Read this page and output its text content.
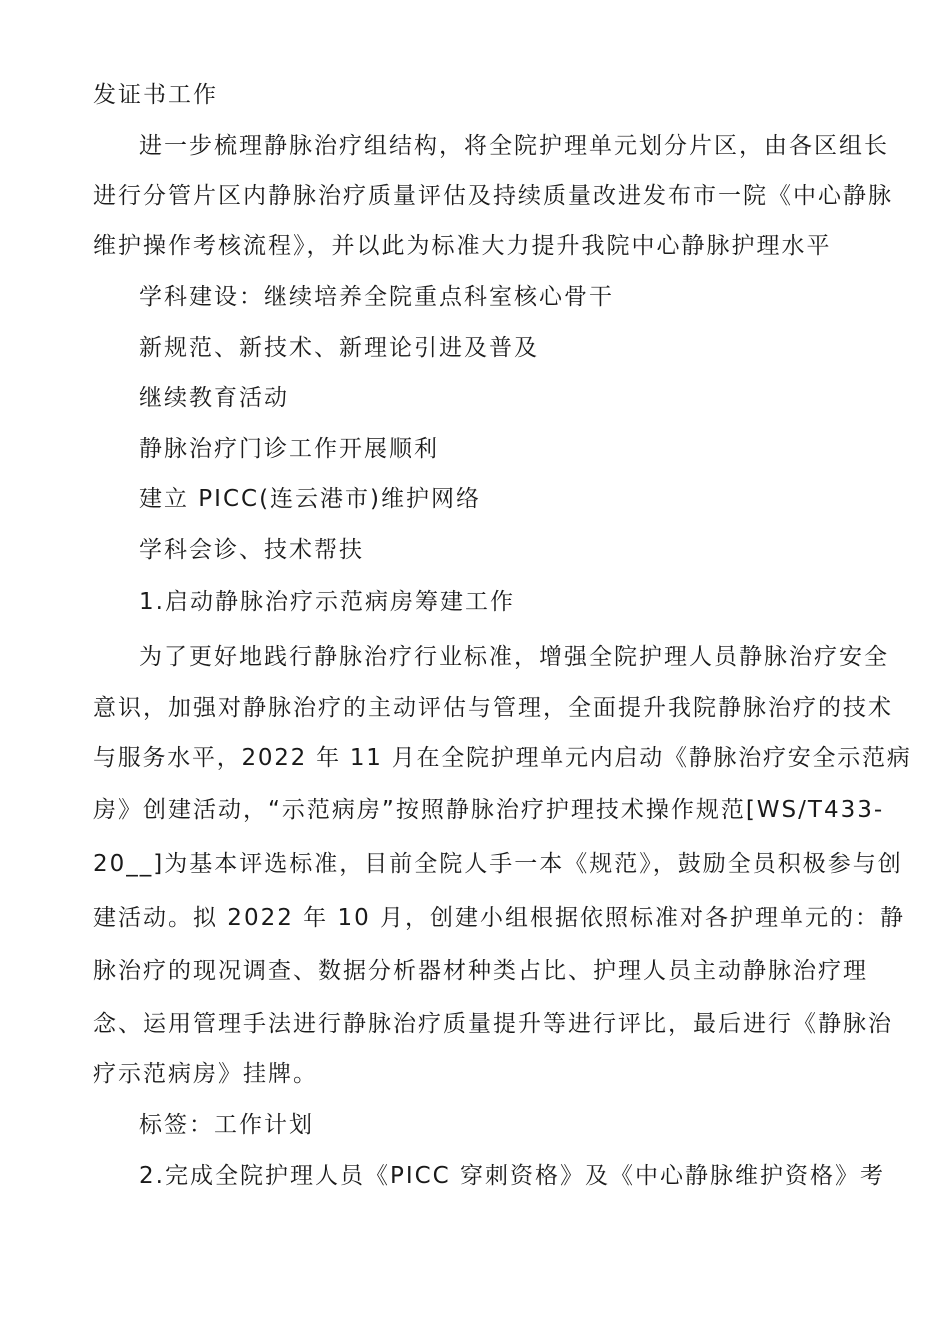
发证书工作
进一步梳理静脉治疗组结构，将全院护理单元划分片区，由各区组长
进行分管片区内静脉治疗质量评估及持续质量改进发布市一院《中心静脉
维护操作考核流程》，并以此为标准大力提升我院中心静脉护理水平
学科建设：继续培养全院重点科室核心骨干
新规范、新技术、新理论引进及普及
继续教育活动
静脉治疗门诊工作开展顺利
建立 PICC(连云港市)维护网络
学科会诊、技术帮扶
1.启动静脉治疗示范病房筹建工作
为了更好地践行静脉治疗行业标准，增强全院护理人员静脉治疗安全
意识，加强对静脉治疗的主动评估与管理，全面提升我院静脉治疗的技术
与服务水平，2022 年 11 月在全院护理单元内启动《静脉治疗安全示范病
房》创建活动，“示范病房”按照静脉治疗护理技术操作规范[WS/T433-
20__]为基本评选标准，目前全院人手一本《规范》，鼓励全员积极参与创
建活动。拟 2022 年 10 月，创建小组根据依照标准对各护理单元的：静
脉治疗的现况调查、数据分析器材种类占比、护理人员主动静脉治疗理
念、运用管理手法进行静脉治疗质量提升等进行评比，最后进行《静脉治
疗示范病房》挂牌。
标签：工作计划
2.完成全院护理人员《PICC 穿刺资格》及《中心静脉维护资格》考
